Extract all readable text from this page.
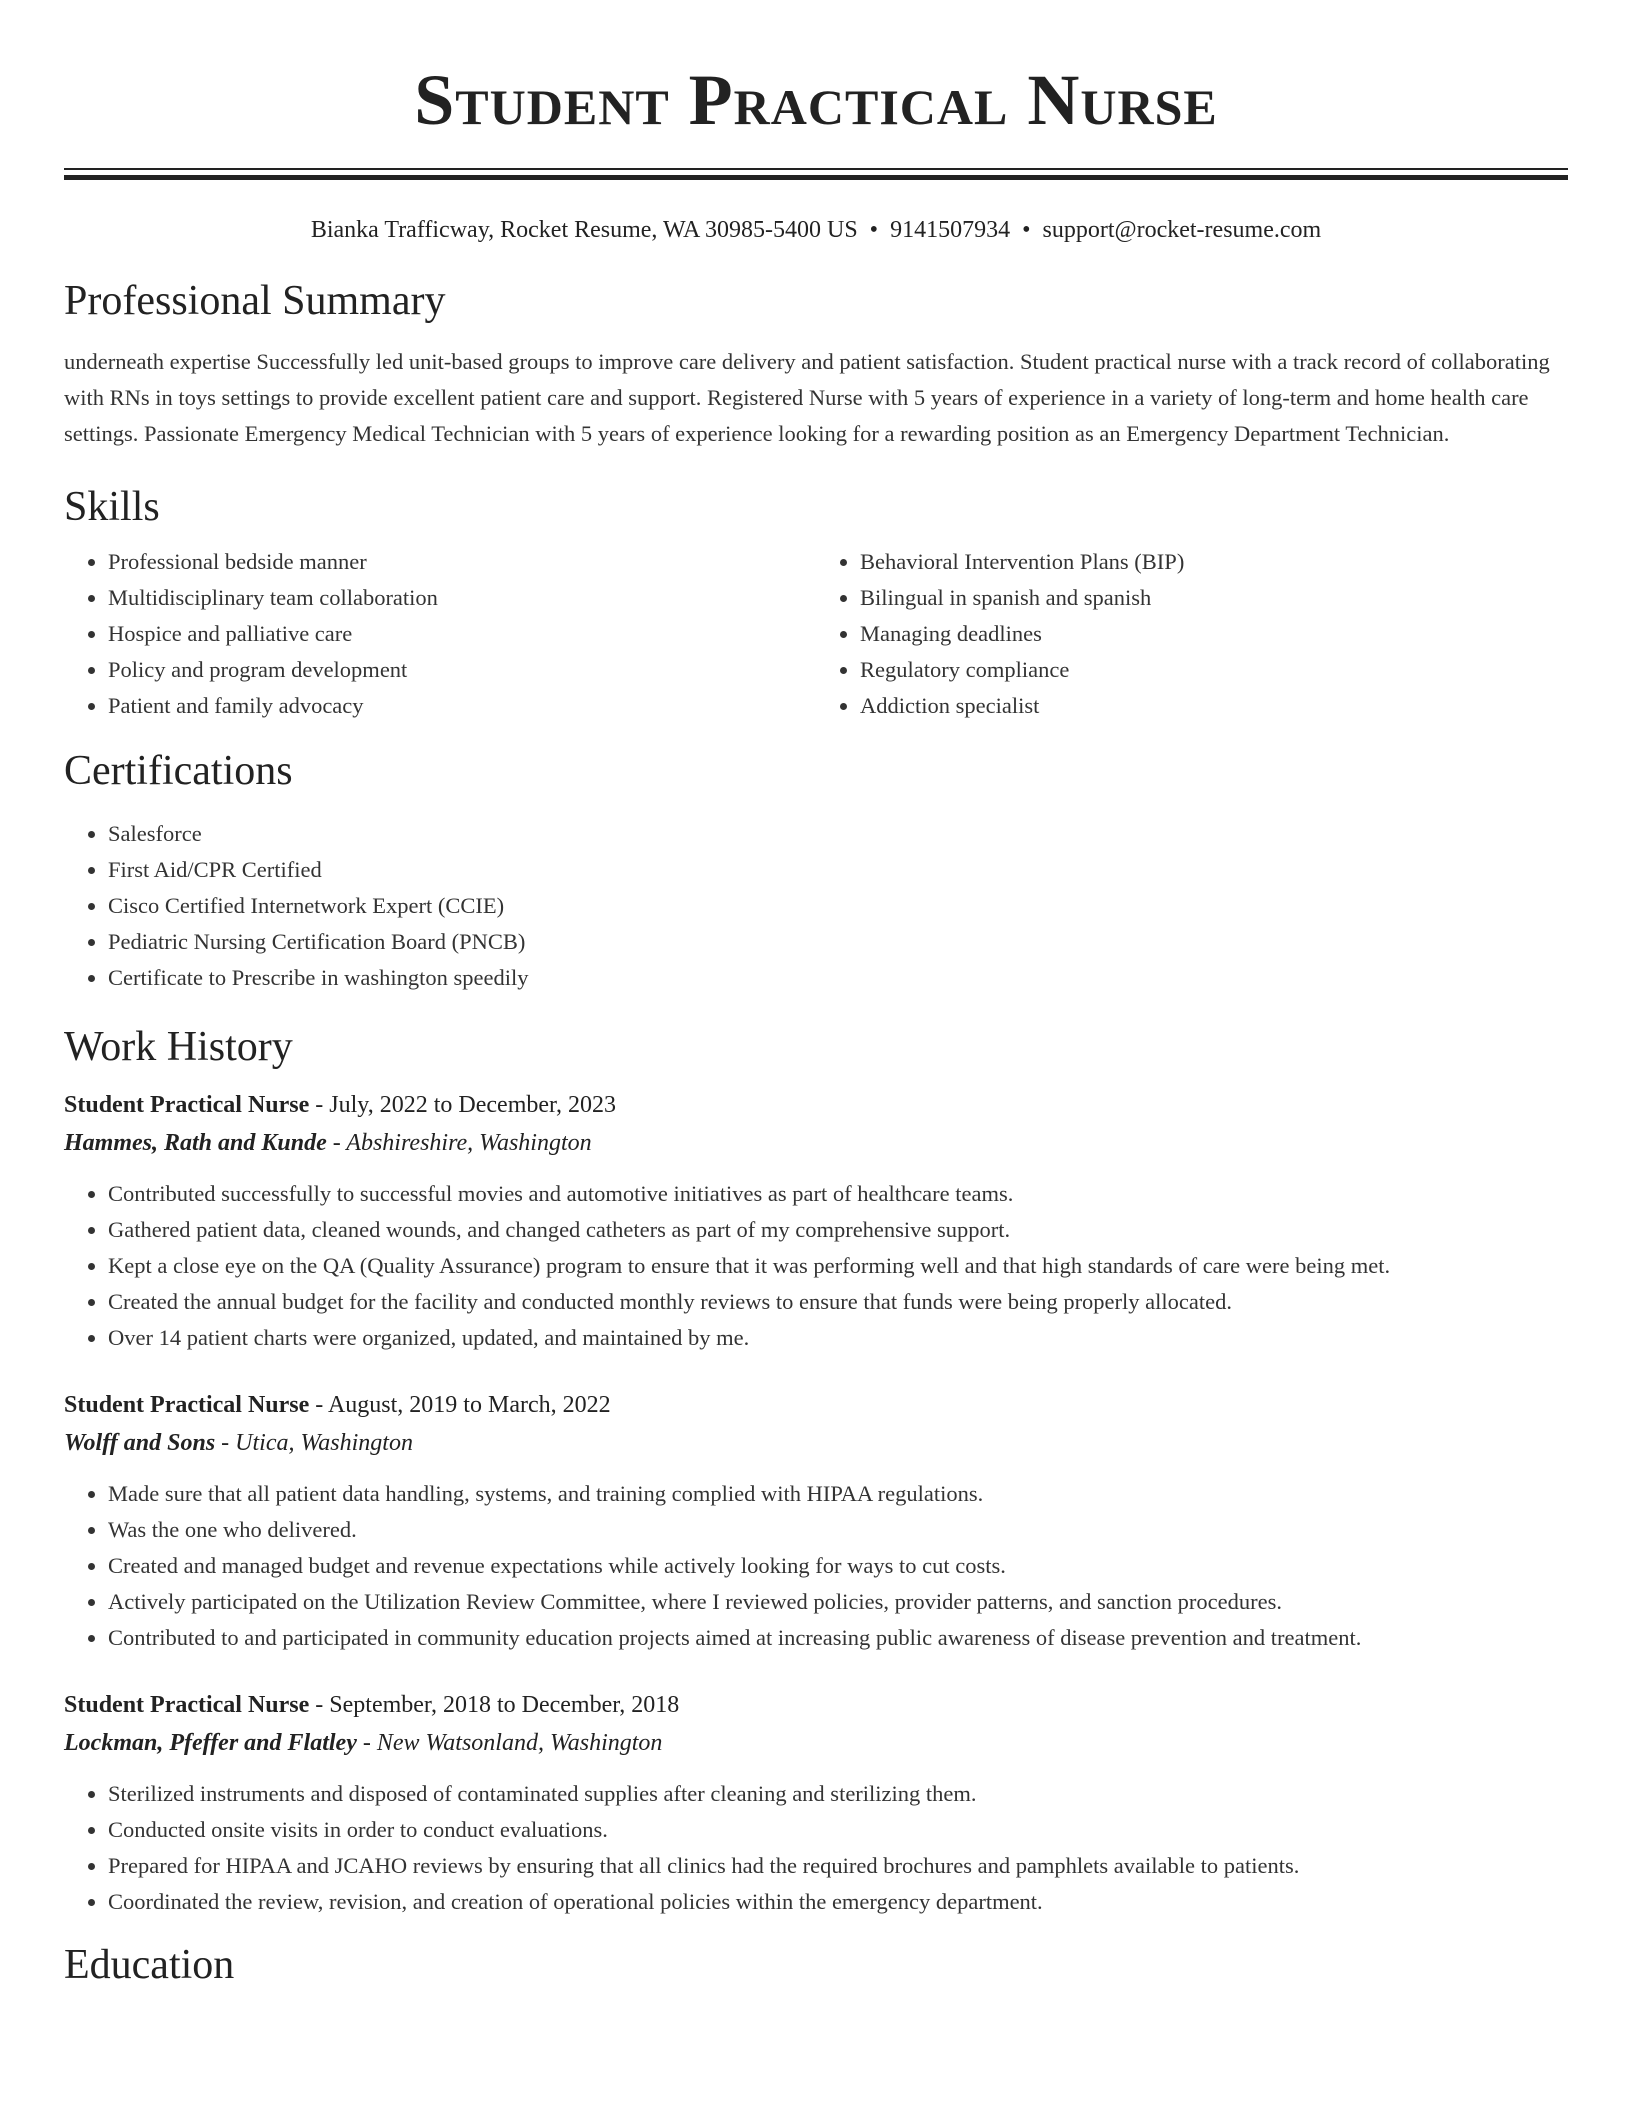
Student Practical Nurse
Bianka Trafficway, Rocket Resume, WA 30985-5400 US • 9141507934 • support@rocket-resume.com
Professional Summary

underneath expertise Successfully led unit-based groups to improve care delivery and patient satisfaction. Student practical nurse with a track record of collaborating with RNs in toys settings to provide excellent patient care and support. Registered Nurse with 5 years of experience in a variety of long-term and home health care settings. Passionate Emergency Medical Technician with 5 years of experience looking for a rewarding position as an Emergency Department Technician.

Skills
• Professional bedside manner
• Multidisciplinary team collaboration
• Hospice and palliative care
• Policy and program development
• Patient and family advocacy
• Behavioral Intervention Plans (BIP)
• Bilingual in spanish and spanish
• Managing deadlines
• Regulatory compliance
• Addiction specialist
Certifications
• Salesforce
• First Aid/CPR Certified
• Cisco Certified Internetwork Expert (CCIE)
• Pediatric Nursing Certification Board (PNCB)
• Certificate to Prescribe in washington speedily
Work History
Student Practical Nurse - July, 2022 to December, 2023
Hammes, Rath and Kunde - Abshireshire, Washington
• Contributed successfully to successful movies and automotive initiatives as part of healthcare teams.
• Gathered patient data, cleaned wounds, and changed catheters as part of my comprehensive support.
• Kept a close eye on the QA (Quality Assurance) program to ensure that it was performing well and that high standards of care were being met.
• Created the annual budget for the facility and conducted monthly reviews to ensure that funds were being properly allocated.
• Over 14 patient charts were organized, updated, and maintained by me.
Student Practical Nurse - August, 2019 to March, 2022
Wolff and Sons - Utica, Washington
• Made sure that all patient data handling, systems, and training complied with HIPAA regulations.
• Was the one who delivered.
• Created and managed budget and revenue expectations while actively looking for ways to cut costs.
• Actively participated on the Utilization Review Committee, where I reviewed policies, provider patterns, and sanction procedures.
• Contributed to and participated in community education projects aimed at increasing public awareness of disease prevention and treatment.
Student Practical Nurse - September, 2018 to December, 2018
Lockman, Pfeffer and Flatley - New Watsonland, Washington
• Sterilized instruments and disposed of contaminated supplies after cleaning and sterilizing them.
• Conducted onsite visits in order to conduct evaluations.
• Prepared for HIPAA and JCAHO reviews by ensuring that all clinics had the required brochures and pamphlets available to patients.
• Coordinated the review, revision, and creation of operational policies within the emergency department.
Education
